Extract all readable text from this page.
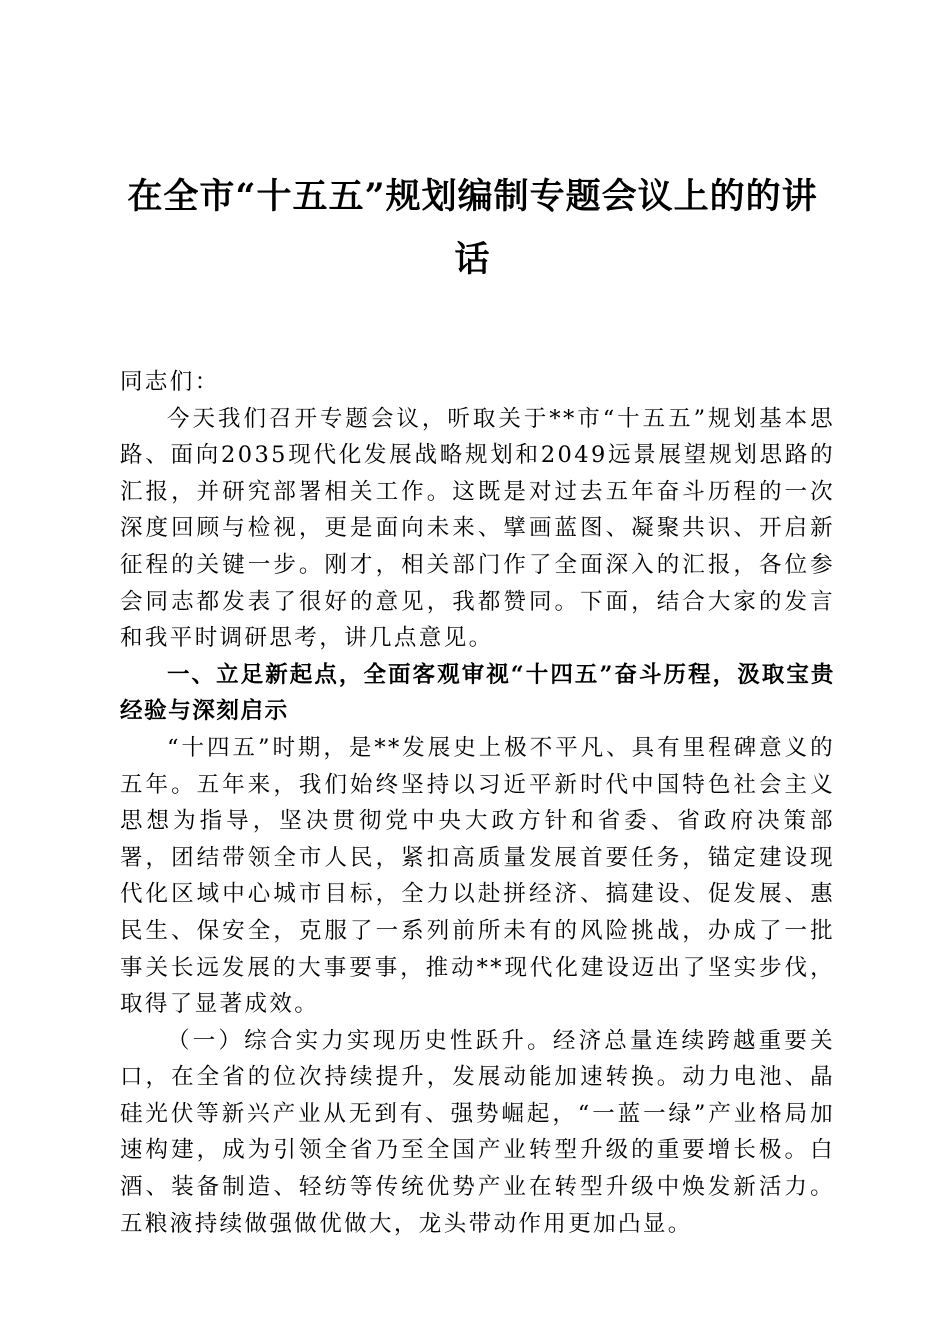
在全市“十五五”规划编制专题会议上的的讲话

同志们：

今天我们召开专题会议，听取关于**市“十五五”规划基本思路、面向2035现代化发展战略规划和2049远景展望规划思路的汇报，并研究部署相关工作。这既是对过去五年奋斗历程的一次深度回顾与检视，更是面向未来、擘画蓝图、凝聚共识、开启新征程的关键一步。刚才，相关部门作了全面深入的汇报，各位参会同志都发表了很好的意见，我都赞同。下面，结合大家的发言和我平时调研思考，讲几点意见。

一、立足新起点，全面客观审视“十四五”奋斗历程，汲取宝贵经验与深刻启示

“十四五”时期，是**发展史上极不平凡、具有里程碑意义的五年。五年来，我们始终坚持以习近平新时代中国特色社会主义思想为指导，坚决贯彻党中央大政方针和省委、省政府决策部署，团结带领全市人民，紧扣高质量发展首要任务，锚定建设现代化区域中心城市目标，全力以赴拼经济、搞建设、促发展、惠民生、保安全，克服了一系列前所未有的风险挑战，办成了一批事关长远发展的大事要事，推动**现代化建设迈出了坚实步伐，取得了显著成效。

（一）综合实力实现历史性跃升。经济总量连续跨越重要关口，在全省的位次持续提升，发展动能加速转换。动力电池、晶硅光伏等新兴产业从无到有、强势崛起，“一蓝一绿”产业格局加速构建，成为引领全省乃至全国产业转型升级的重要增长极。白酒、装备制造、轻纺等传统优势产业在转型升级中焕发新活力。五粮液持续做强做优做大，龙头带动作用更加凸显。
